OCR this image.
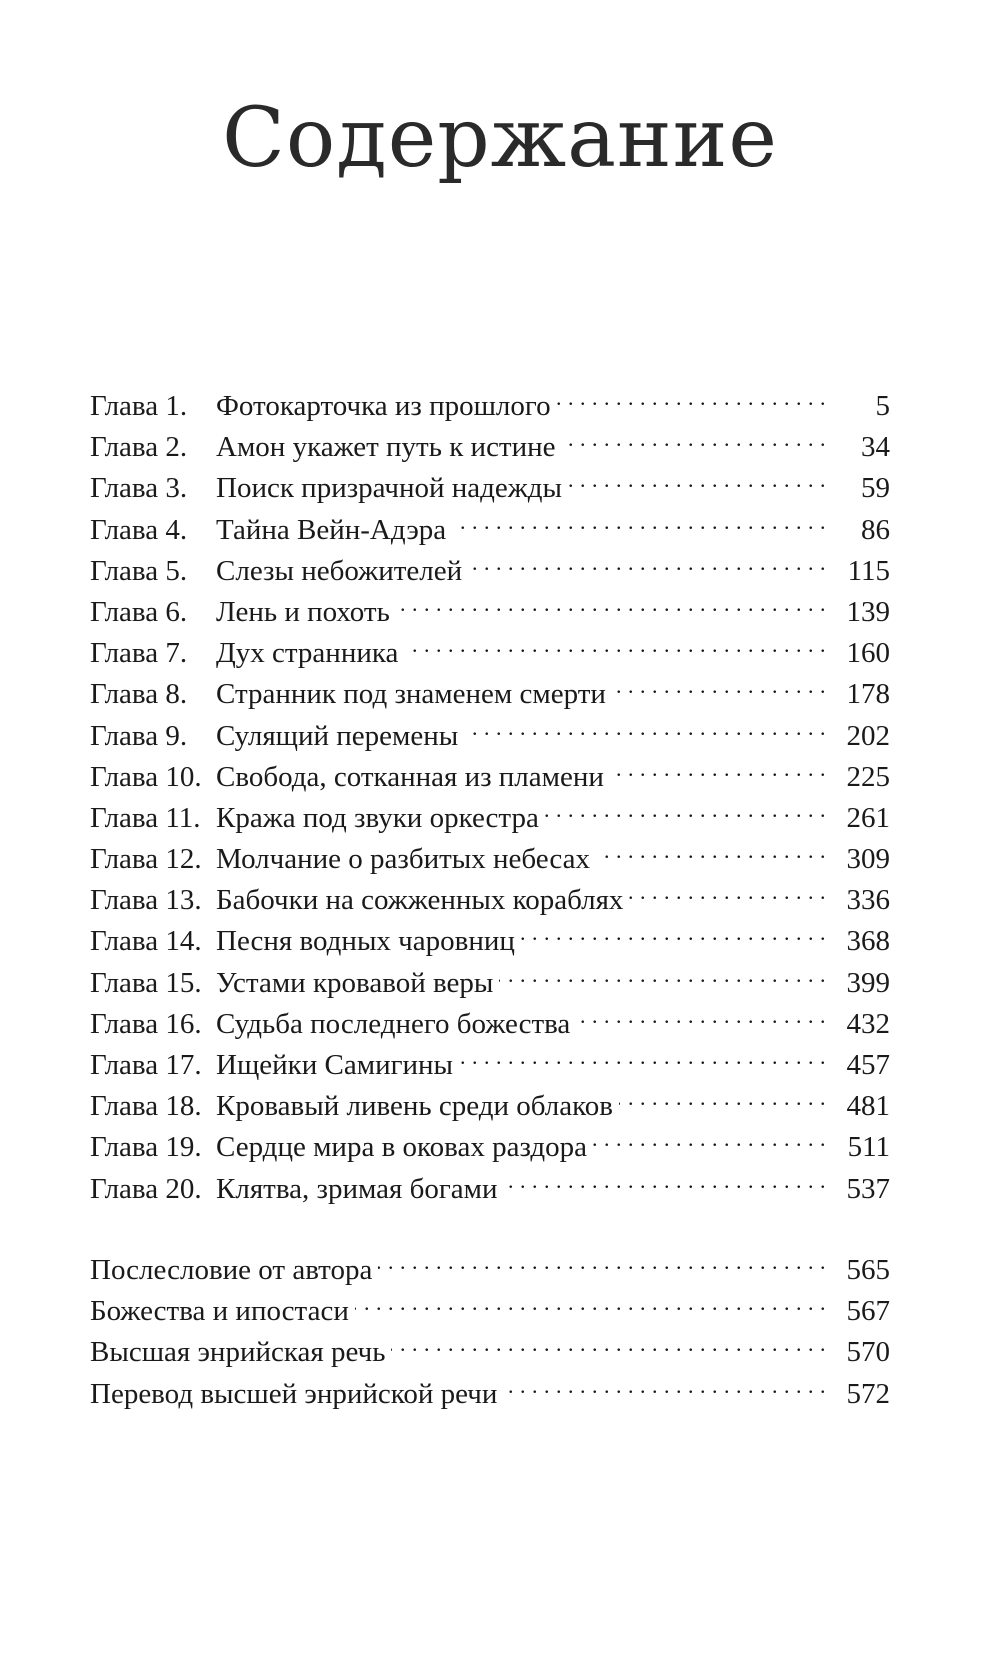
Содержание
Глава 1. Фотокарточка из прошлого . . .	5
Глава 2. Амон укажет путь к истине . . .	34
Глава 3. Поиск призрачной надежды . . .	59
Глава 4. Тайна Вейн-Адэра . . .	86
Глава 5. Слезы небожителей . . .	115
Глава 6. Лень и похоть . . .	139
Глава 7. Дух странника . . .	160
Глава 8. Странник под знаменем смерти . . .	178
Глава 9. Сулящий перемены . . .	202
Глава 10. Свобода, сотканная из пламени . . .	225
Глава 11. Кража под звуки оркестра . . .	261
Глава 12. Молчание о разбитых небесах . . .	309
Глава 13. Бабочки на сожженных кораблях . . .	336
Глава 14. Песня водных чаровниц . . .	368
Глава 15. Устами кровавой веры . . .	399
Глава 16. Судьба последнего божества . . .	432
Глава 17. Ищейки Самигины . . .	457
Глава 18. Кровавый ливень среди облаков . . .	481
Глава 19. Сердце мира в оковах раздора . . .	511
Глава 20. Клятва, зримая богами . . .	537
Послесловие от автора . . .	565
Божества и ипостаси . . .	567
Высшая энрийская речь . . .	570
Перевод высшей энрийской речи . . .	572
